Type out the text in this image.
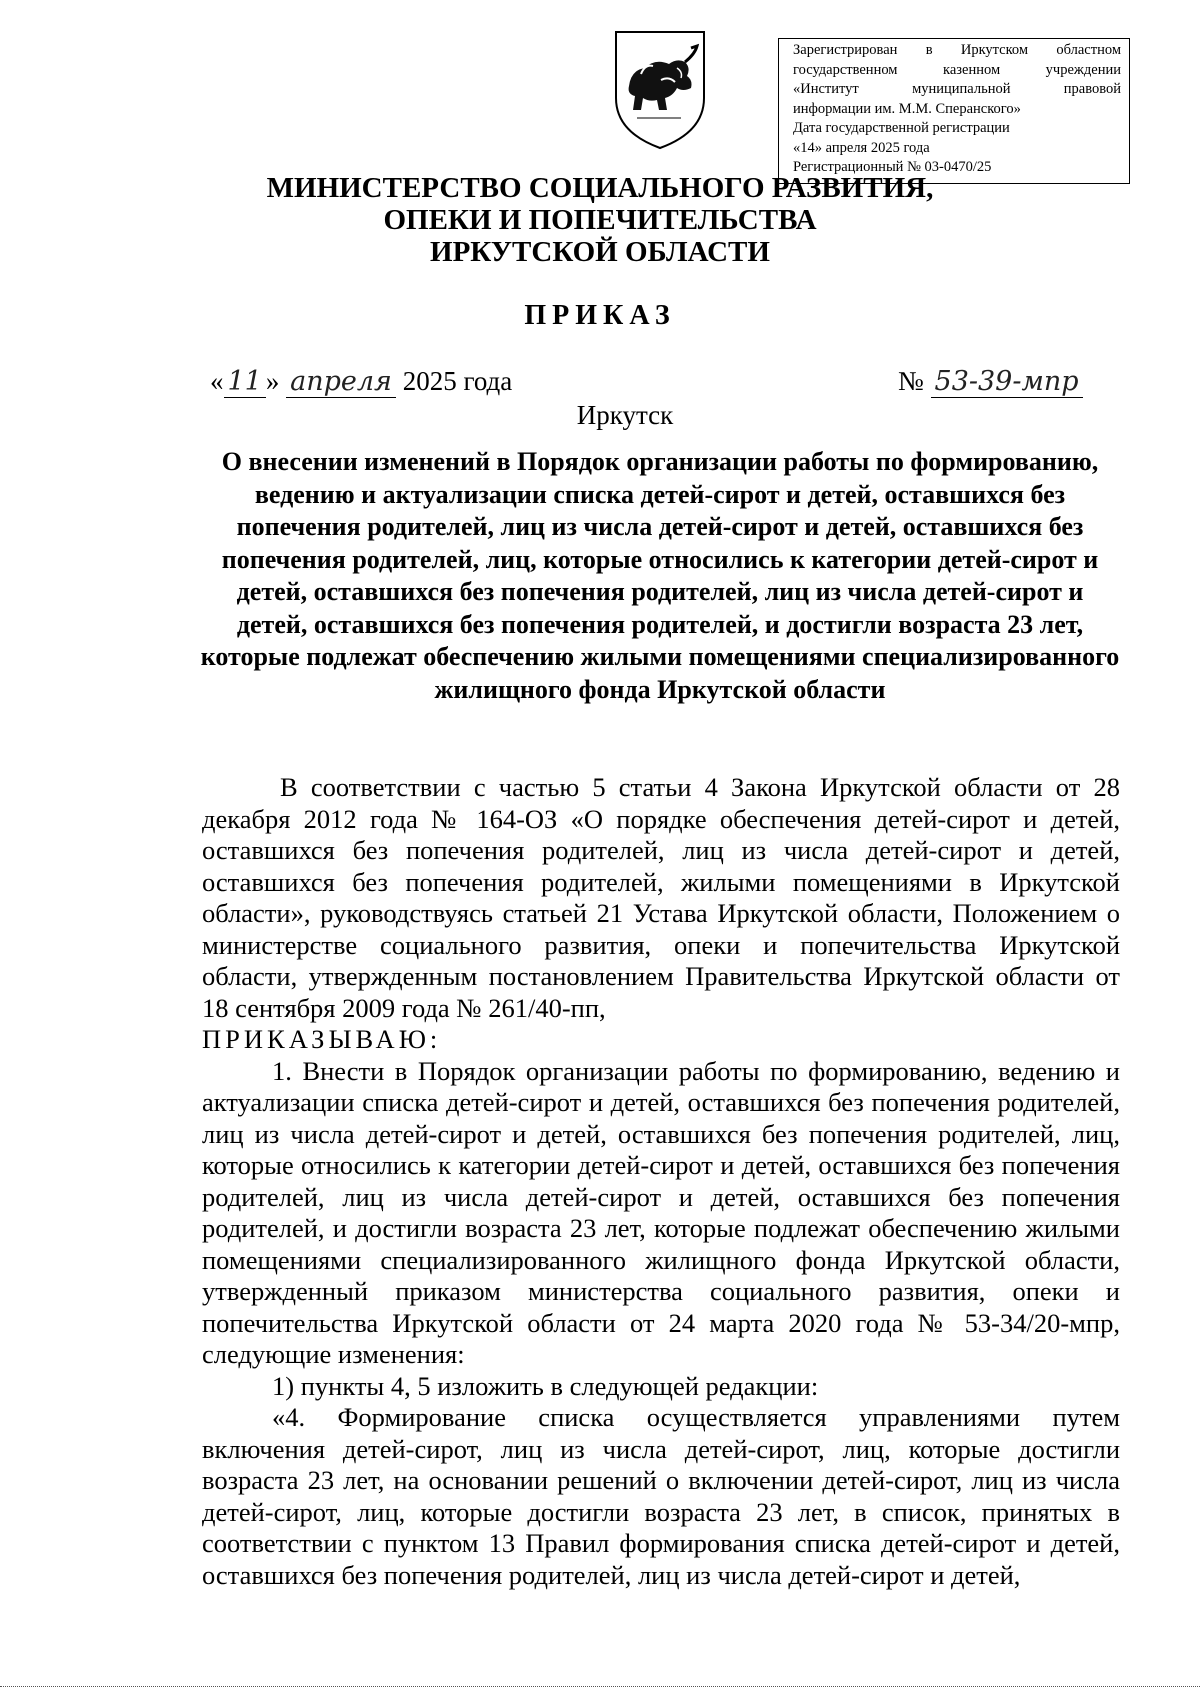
Зарегистрирован в Иркутском областном
государственном казенном учреждении
«Институт муниципальной правовой
информации им. М.М. Сперанского»
Дата государственной регистрации
«14» апреля 2025 года
Регистрационный № 03-0470/25
МИНИСТЕРСТВО СОЦИАЛЬНОГО РАЗВИТИЯ,
ОПЕКИ И ПОПЕЧИТЕЛЬСТВА
ИРКУТСКОЙ ОБЛАСТИ
ПРИКАЗ
« 11 » апреля 2025 года	№ 53-39-мпр
Иркутск
О внесении изменений в Порядок организации работы по формированию, ведению и актуализации списка детей-сирот и детей, оставшихся без попечения родителей, лиц из числа детей-сирот и детей, оставшихся без попечения родителей, лиц, которые относились к категории детей-сирот и детей, оставшихся без попечения родителей, лиц из числа детей-сирот и детей, оставшихся без попечения родителей, и достигли возраста 23 лет, которые подлежат обеспечению жилыми помещениями специализированного жилищного фонда Иркутской области

В соответствии с частью 5 статьи 4 Закона Иркутской области от 28 декабря 2012 года № 164-ОЗ «О порядке обеспечения детей-сирот и детей, оставшихся без попечения родителей, лиц из числа детей-сирот и детей, оставшихся без попечения родителей, жилыми помещениями в Иркутской области», руководствуясь статьей 21 Устава Иркутской области, Положением о министерстве социального развития, опеки и попечительства Иркутской области, утвержденным постановлением Правительства Иркутской области от 18 сентября 2009 года № 261/40-пп,

ПРИКАЗЫВАЮ:

1. Внести в Порядок организации работы по формированию, ведению и актуализации списка детей-сирот и детей, оставшихся без попечения родителей, лиц из числа детей-сирот и детей, оставшихся без попечения родителей, лиц, которые относились к категории детей-сирот и детей, оставшихся без попечения родителей, лиц из числа детей-сирот и детей, оставшихся без попечения родителей, и достигли возраста 23 лет, которые подлежат обеспечению жилыми помещениями специализированного жилищного фонда Иркутской области, утвержденный приказом министерства социального развития, опеки и попечительства Иркутской области от 24 марта 2020 года № 53-34/20-мпр, следующие изменения:

1) пункты 4, 5 изложить в следующей редакции:

«4. Формирование списка осуществляется управлениями путем включения детей-сирот, лиц из числа детей-сирот, лиц, которые достигли возраста 23 лет, на основании решений о включении детей-сирот, лиц из числа детей-сирот, лиц, которые достигли возраста 23 лет, в список, принятых в соответствии с пунктом 13 Правил формирования списка детей-сирот и детей, оставшихся без попечения родителей, лиц из числа детей-сирот и детей,
